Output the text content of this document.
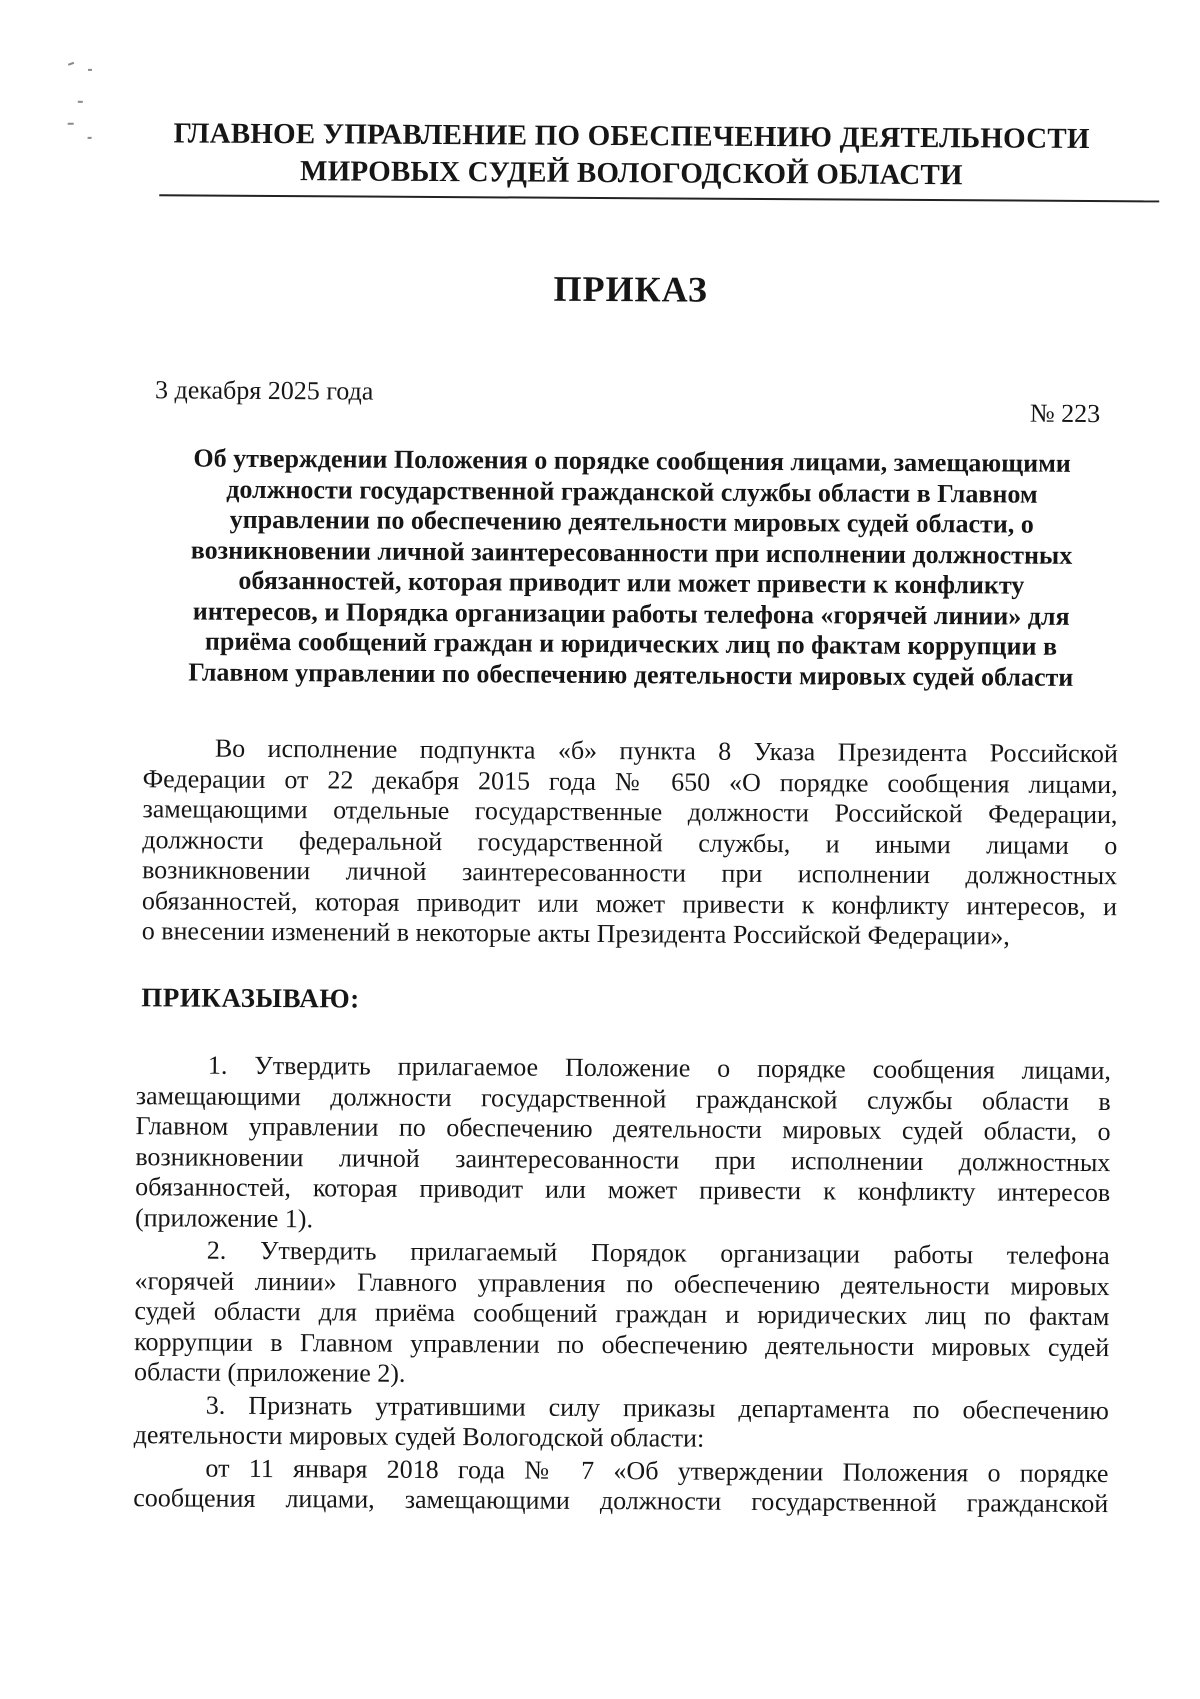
ГЛАВНОЕ УПРАВЛЕНИЕ ПО ОБЕСПЕЧЕНИЮ ДЕЯТЕЛЬНОСТИ
МИРОВЫХ СУДЕЙ ВОЛОГОДСКОЙ ОБЛАСТИ
ПРИКАЗ
3 декабря 2025 года
№ 223
Об утверждении Положения о порядке сообщения лицами, замещающими
должности государственной гражданской службы области в Главном
управлении по обеспечению деятельности мировых судей области, о
возникновении личной заинтересованности при исполнении должностных
обязанностей, которая приводит или может привести к конфликту
интересов, и Порядка организации работы телефона «горячей линии» для
приёма сообщений граждан и юридических лиц по фактам коррупции в
Главном управлении по обеспечению деятельности мировых судей области
Во исполнение подпункта «б» пункта 8 Указа Президента Российской
Федерации от 22 декабря 2015 года № 650 «О порядке сообщения лицами,
замещающими отдельные государственные должности Российской Федерации,
должности федеральной государственной службы, и иными лицами о
возникновении личной заинтересованности при исполнении должностных
обязанностей, которая приводит или может привести к конфликту интересов, и
о внесении изменений в некоторые акты Президента Российской Федерации»,
ПРИКАЗЫВАЮ:
1. Утвердить прилагаемое Положение о порядке сообщения лицами,
замещающими должности государственной гражданской службы области в
Главном управлении по обеспечению деятельности мировых судей области, о
возникновении личной заинтересованности при исполнении должностных
обязанностей, которая приводит или может привести к конфликту интересов
(приложение 1).
2. Утвердить прилагаемый Порядок организации работы телефона
«горячей линии» Главного управления по обеспечению деятельности мировых
судей области для приёма сообщений граждан и юридических лиц по фактам
коррупции в Главном управлении по обеспечению деятельности мировых судей
области (приложение 2).
3. Признать утратившими силу приказы департамента по обеспечению
деятельности мировых судей Вологодской области:
от 11 января 2018 года № 7 «Об утверждении Положения о порядке
сообщения лицами, замещающими должности государственной гражданской
